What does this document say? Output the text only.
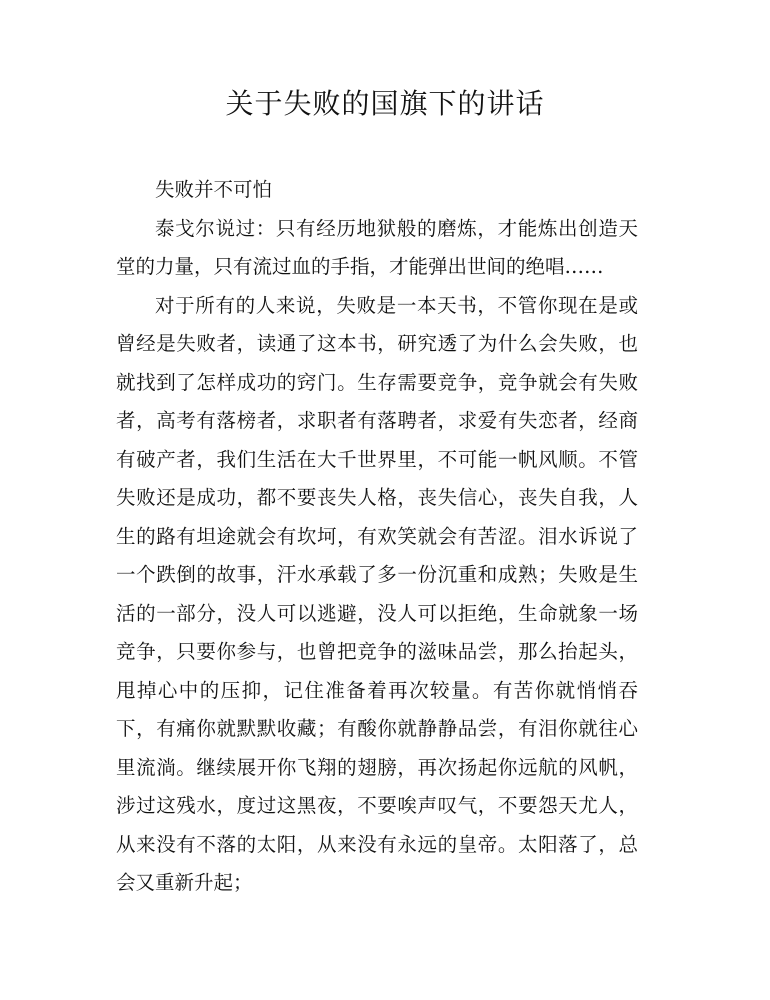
关于失败的国旗下的讲话

失败并不可怕

泰戈尔说过：只有经历地狱般的磨炼，才能炼出创造天堂的力量，只有流过血的手指，才能弹出世间的绝唱……

对于所有的人来说，失败是一本天书，不管你现在是或曾经是失败者，读通了这本书，研究透了为什么会失败，也就找到了怎样成功的窍门。生存需要竞争，竞争就会有失败者，高考有落榜者，求职者有落聘者，求爱有失恋者，经商有破产者，我们生活在大千世界里，不可能一帆风顺。不管失败还是成功，都不要丧失人格，丧失信心，丧失自我，人生的路有坦途就会有坎坷，有欢笑就会有苦涩。泪水诉说了一个跌倒的故事，汗水承载了多一份沉重和成熟；失败是生活的一部分，没人可以逃避，没人可以拒绝，生命就象一场竞争，只要你参与，也曾把竞争的滋味品尝，那么抬起头，甩掉心中的压抑，记住准备着再次较量。有苦你就悄悄吞下，有痛你就默默收藏；有酸你就静静品尝，有泪你就往心里流淌。继续展开你飞翔的翅膀，再次扬起你远航的风帆，涉过这残水，度过这黑夜，不要唉声叹气，不要怨天尤人，从来没有不落的太阳，从来没有永远的皇帝。太阳落了，总会又重新升起；
